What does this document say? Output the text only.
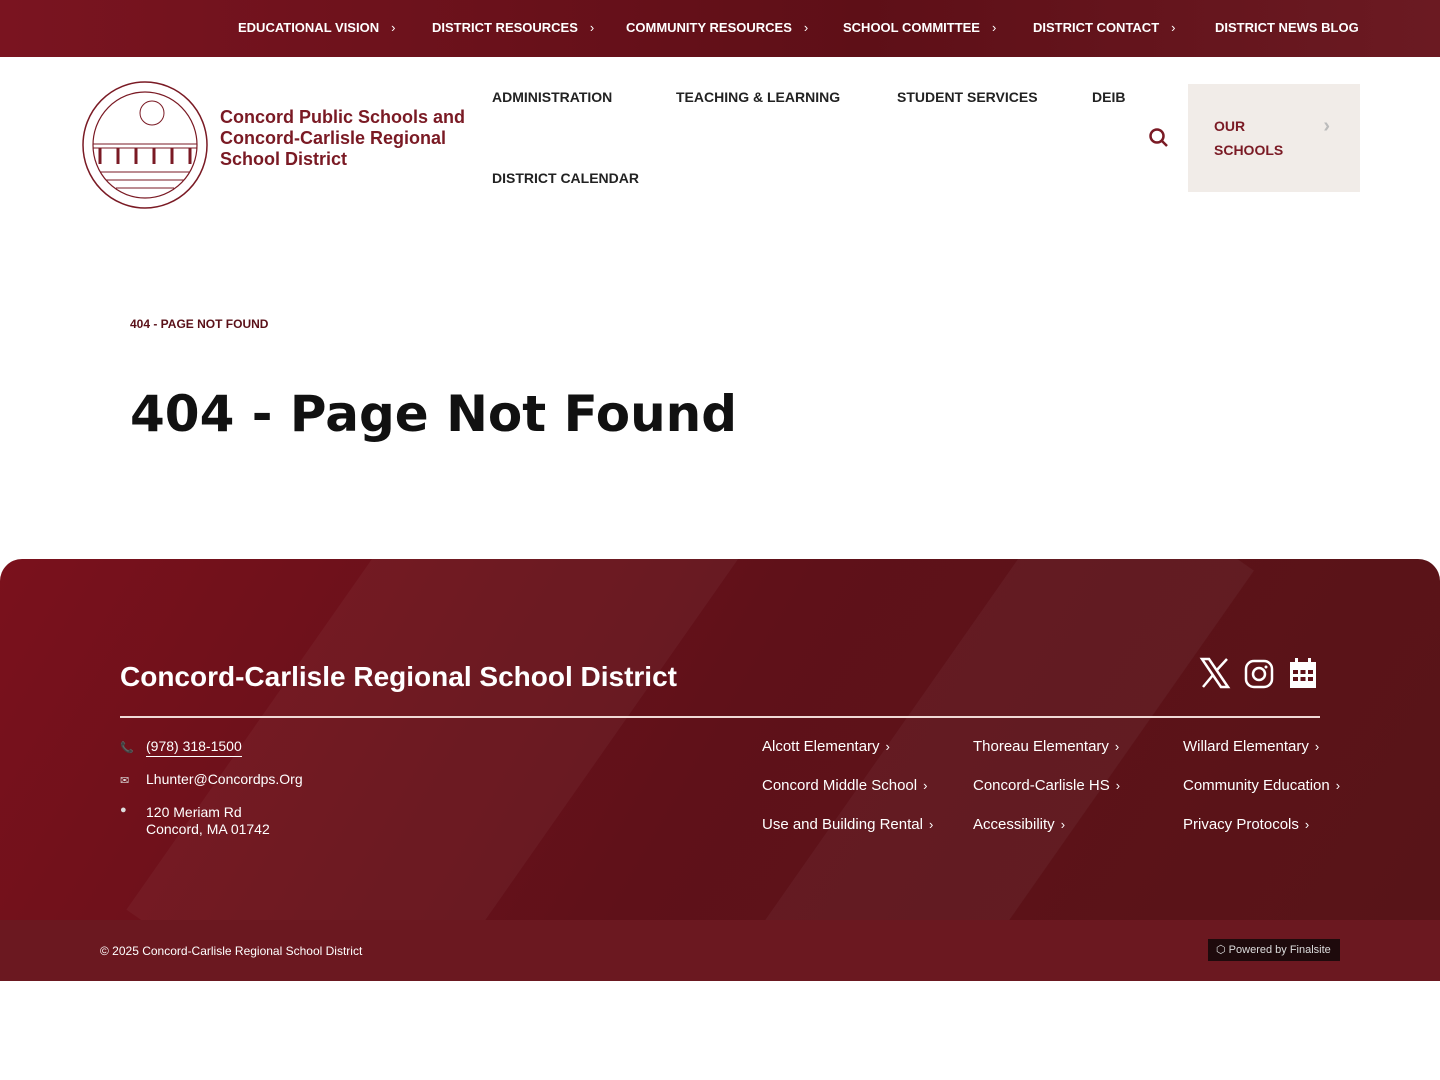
EDUCATIONAL VISION ›	DISTRICT RESOURCES › COMMUNITY RESOURCES ›	SCHOOL COMMITTEE ›	DISTRICT CONTACT ›	DISTRICT NEWS BLOG
Concord Public Schools and Concord-Carlisle Regional School District
ADMINISTRATION	TEACHING & LEARNING	STUDENT SERVICES	DEIB
DISTRICT CALENDAR
OUR
SCHOOLS
›
404 - PAGE NOT FOUND
404 - Page Not Found
Concord-Carlisle Regional School District
📞 (978) 318-1500
✉ Lhunter@Concordps.Org
● 120 Meriam Rd
Concord, MA 01742
Alcott Elementary ›	Thoreau Elementary ›	Willard Elementary ›
Concord Middle School ›	Concord-Carlisle HS ›	Community Education ›
Use and Building Rental ›	Accessibility ›	Privacy Protocols ›
© 2025 Concord-Carlisle Regional School District	⬡ Powered by Finalsite
